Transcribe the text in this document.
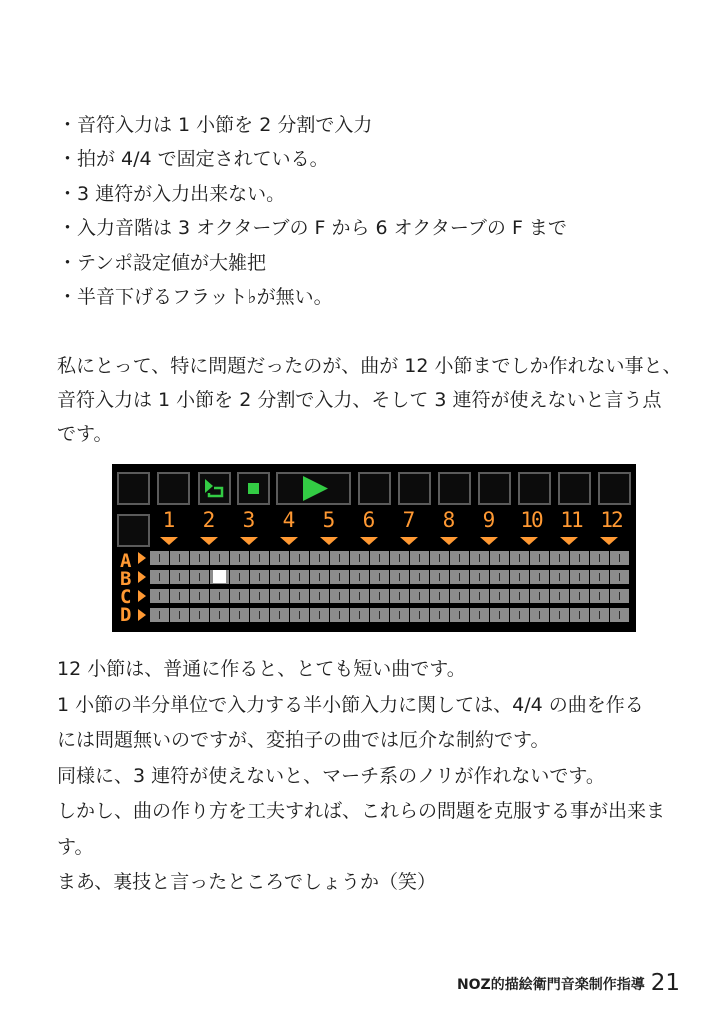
・音符入力は 1 小節を 2 分割で入力
・拍が 4/4 で固定されている。
・3 連符が入力出来ない。
・入力音階は 3 オクターブの F から 6 オクターブの F まで
・テンポ設定値が大雑把
・半音下げるフラット♭が無い。

私にとって、特に問題だったのが、曲が 12 小節までしか作れない事と、
音符入力は 1 小節を 2 分割で入力、そして 3 連符が使えないと言う点
です。

1	2	3	4	5	6	7	8	9	10 11 12
A
B
C
D

12 小節は、普通に作ると、とても短い曲です。
1 小節の半分単位で入力する半小節入力に関しては、4/4 の曲を作る
には問題無いのですが、変拍子の曲では厄介な制約です。
同様に、3 連符が使えないと、マーチ系のノリが作れないです。
しかし、曲の作り方を工夫すれば、これらの問題を克服する事が出来ま
す。
まあ、裏技と言ったところでしょうか（笑）

NOZ的描絵衛門音楽制作指導 21
